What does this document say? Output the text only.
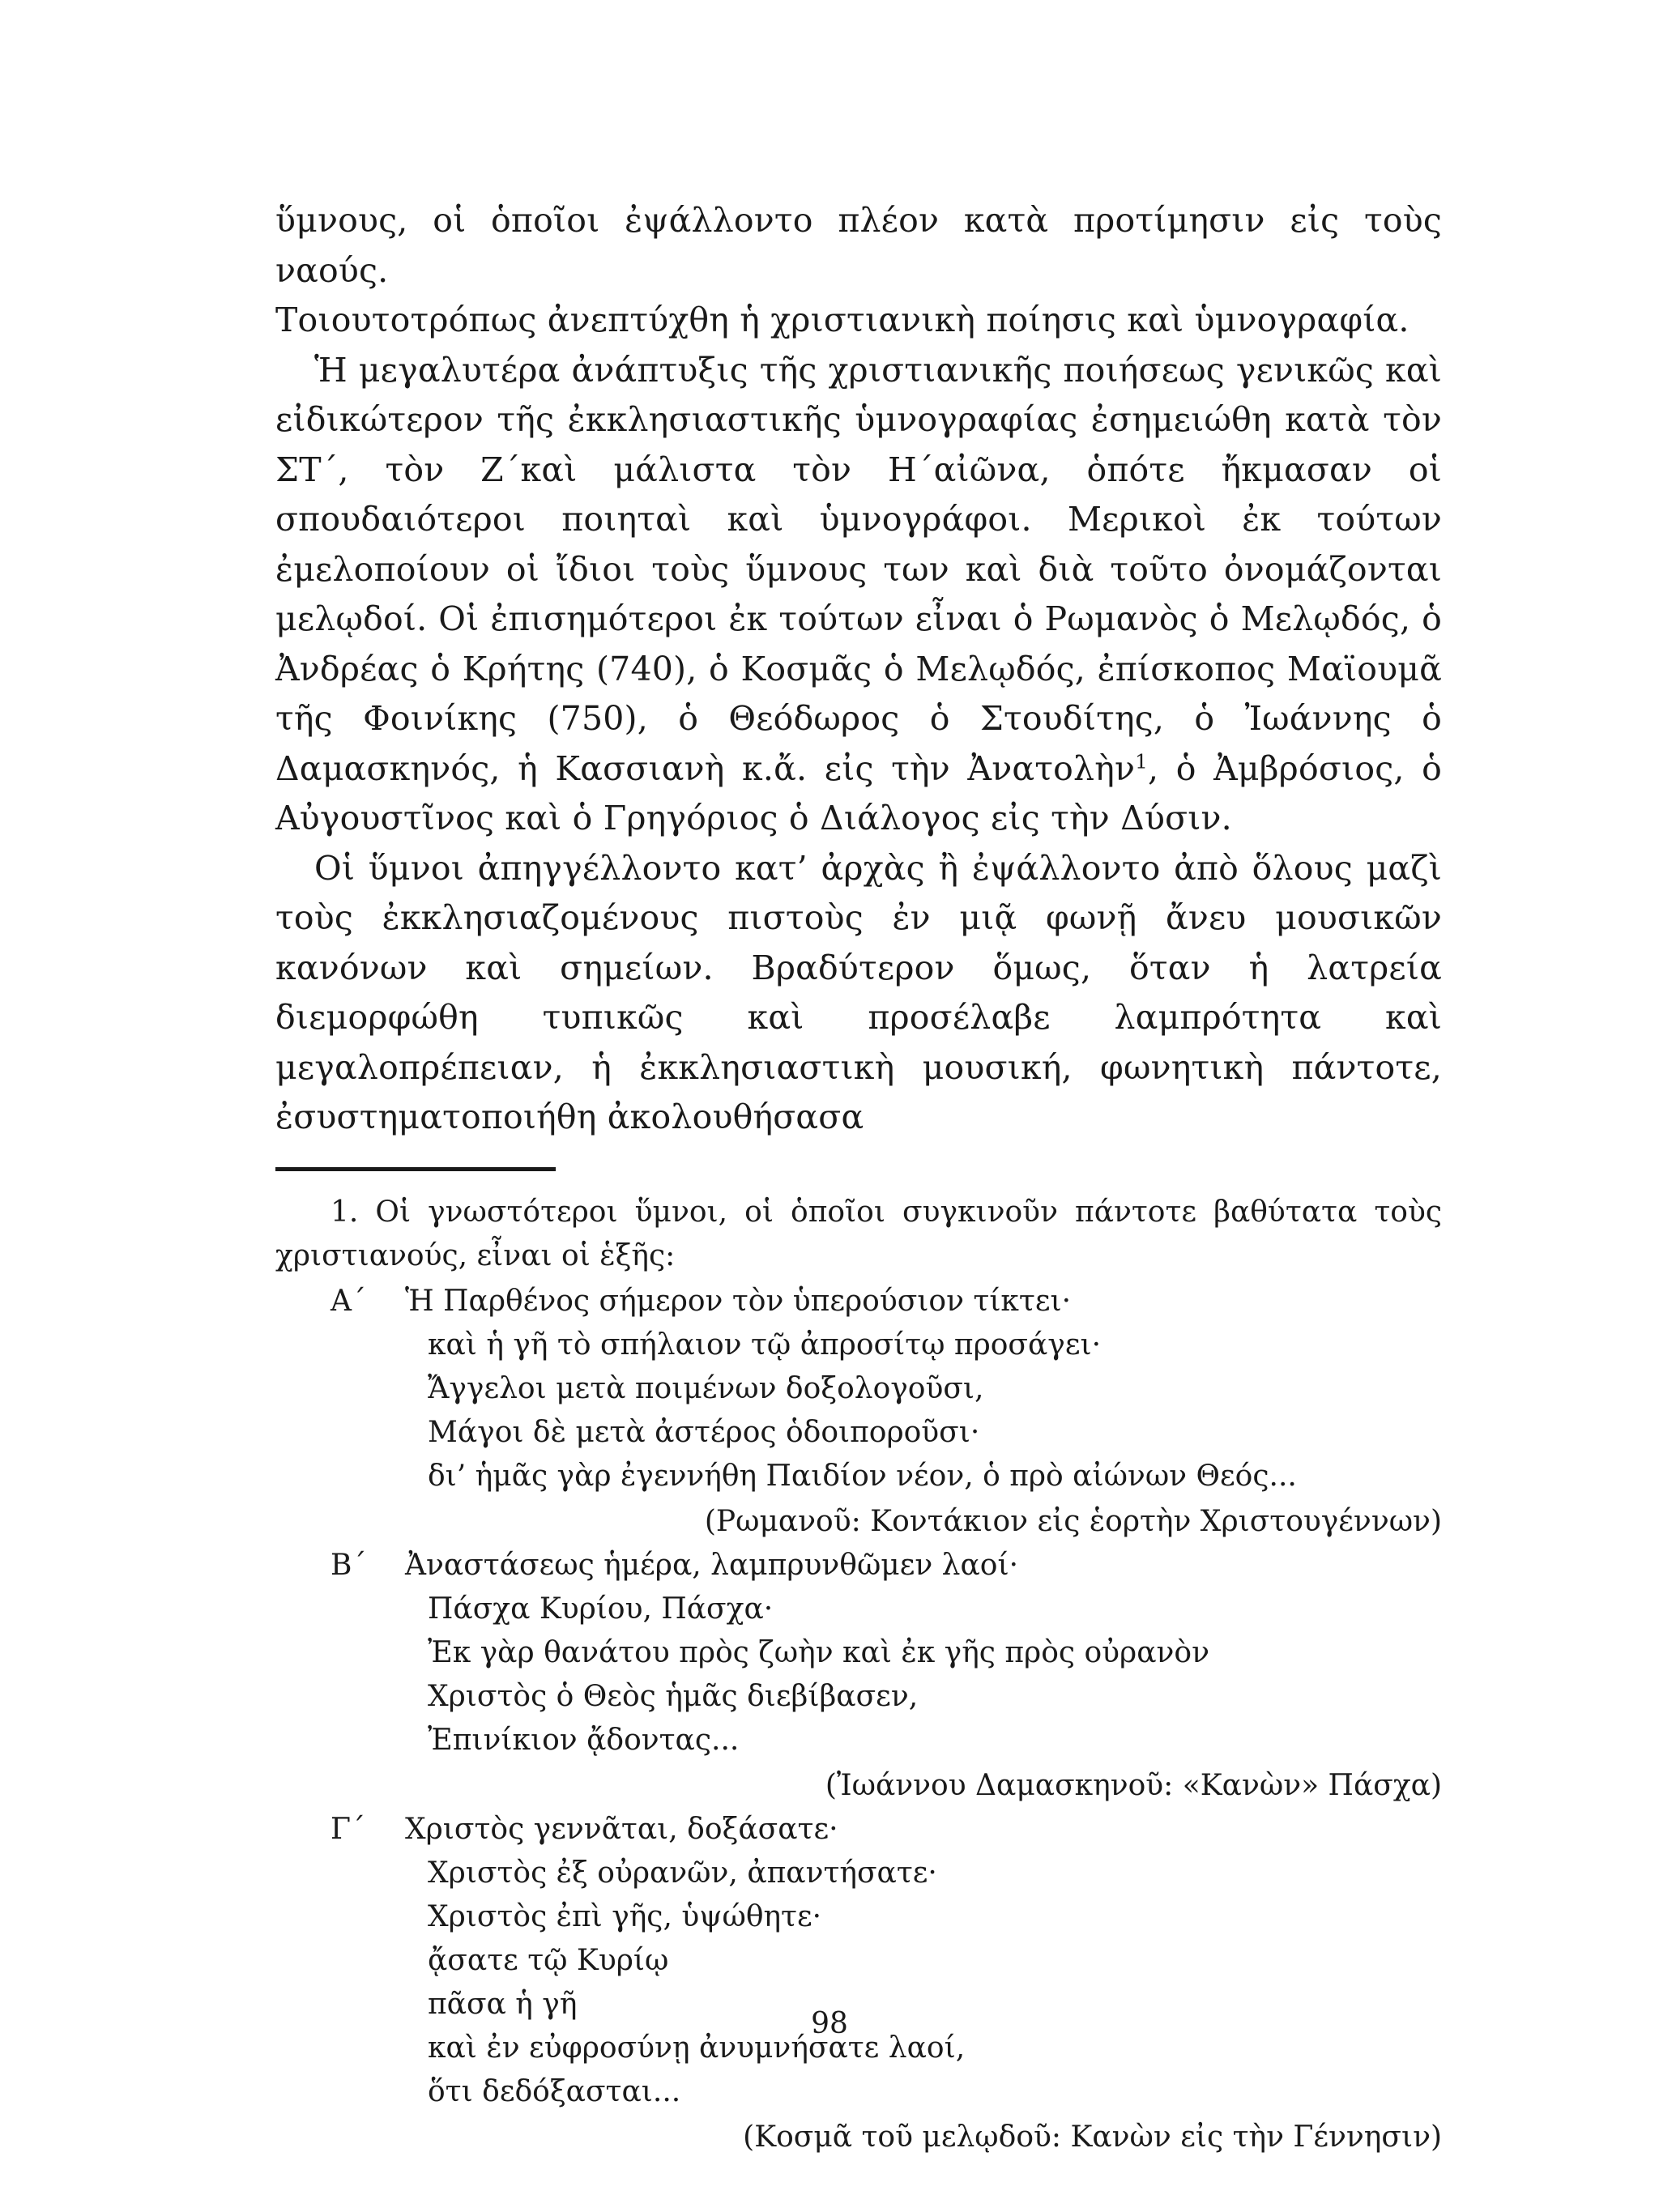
ὕμνους, οἱ ὁποῖοι ἐψάλλοντο πλέον κατὰ προτίμησιν εἰς τοὺς ναούς.
Τοιουτοτρόπως ἀνεπτύχθη ἡ χριστιανικὴ ποίησις καὶ ὑμνογραφία.

Ἡ μεγαλυτέρα ἀνάπτυξις τῆς χριστιανικῆς ποιήσεως γενικῶς καὶ εἰδικώτερον τῆς ἐκκλησιαστικῆς ὑμνογραφίας ἐσημειώθη κατὰ τὸν ΣΤ΄, τὸν Ζ΄καὶ μάλιστα τὸν Η΄αἰῶνα, ὁπότε ἤκμασαν οἱ σπουδαιότεροι ποιηταὶ καὶ ὑμνογράφοι. Μερικοὶ ἐκ τούτων ἐμελοποίουν οἱ ἴδιοι τοὺς ὕμνους των καὶ διὰ τοῦτο ὀνομάζονται μελῳδοί. Οἱ ἐπισημότεροι ἐκ τούτων εἶναι ὁ Ρωμανὸς ὁ Μελῳδός, ὁ Ἀνδρέας ὁ Κρήτης (740), ὁ Κοσμᾶς ὁ Μελῳδός, ἐπίσκοπος Μαϊουμᾶ τῆς Φοινίκης (750), ὁ Θεόδωρος ὁ Στουδίτης, ὁ Ἰωάννης ὁ Δαμασκηνός, ἡ Κασσιανὴ κ.ἄ. εἰς τὴν Ἀνατολὴν$^1$, ὁ Ἀμβρόσιος, ὁ Αὐγουστῖνος καὶ ὁ Γρηγόριος ὁ Διάλογος εἰς τὴν Δύσιν.

Οἱ ὕμνοι ἀπηγγέλλοντο κατ’ ἀρχὰς ἢ ἐψάλλοντο ἀπὸ ὅλους μαζὶ τοὺς ἐκκλησιαζομένους πιστοὺς ἐν μιᾷ φωνῇ ἄνευ μουσικῶν κανόνων καὶ σημείων. Βραδύτερον ὅμως, ὅταν ἡ λατρεία διεμορφώθη τυπικῶς καὶ προσέλαβε λαμπρότητα καὶ μεγαλοπρέπειαν, ἡ ἐκκλησιαστικὴ μουσική, φωνητικὴ πάντοτε, ἐσυστηματοποιήθη ἀκολουθήσασα

1. Οἱ γνωστότεροι ὕμνοι, οἱ ὁποῖοι συγκινοῦν πάντοτε βαθύτατα τοὺς χριστιανούς, εἶναι οἱ ἑξῆς:

Α΄	Ἡ Παρθένος σήμερον τὸν ὑπερούσιον τίκτει·
καὶ ἡ γῆ τὸ σπήλαιον τῷ ἀπροσίτῳ προσάγει·
Ἄγγελοι μετὰ ποιμένων δοξολογοῦσι,
Μάγοι δὲ μετὰ ἀστέρος ὁδοιποροῦσι·
δι’ ἡμᾶς γὰρ ἐγεννήθη Παιδίον νέον, ὁ πρὸ αἰώνων Θεός...
(Ρωμανοῦ: Κοντάκιον εἰς ἑορτὴν Χριστουγέννων)
Β΄	Ἀναστάσεως ἡμέρα, λαμπρυνθῶμεν λαοί·
Πάσχα Κυρίου, Πάσχα·
Ἐκ γὰρ θανάτου πρὸς ζωὴν καὶ ἐκ γῆς πρὸς οὐρανὸν
Χριστὸς ὁ Θεὸς ἡμᾶς διεβίβασεν,
Ἐπινίκιον ᾄδοντας...
(Ἰωάννου Δαμασκηνοῦ: «Κανὼν» Πάσχα)
Γ΄	Χριστὸς γεννᾶται, δοξάσατε·
Χριστὸς ἐξ οὐρανῶν, ἀπαντήσατε·
Χριστὸς ἐπὶ γῆς, ὑψώθητε·
ᾄσατε τῷ Κυρίῳ
πᾶσα ἡ γῆ
καὶ ἐν εὐφροσύνῃ ἀνυμνήσατε λαοί,
ὅτι δεδόξασται...
(Κοσμᾶ τοῦ μελῳδοῦ: Κανὼν εἰς τὴν Γέννησιν)
98
